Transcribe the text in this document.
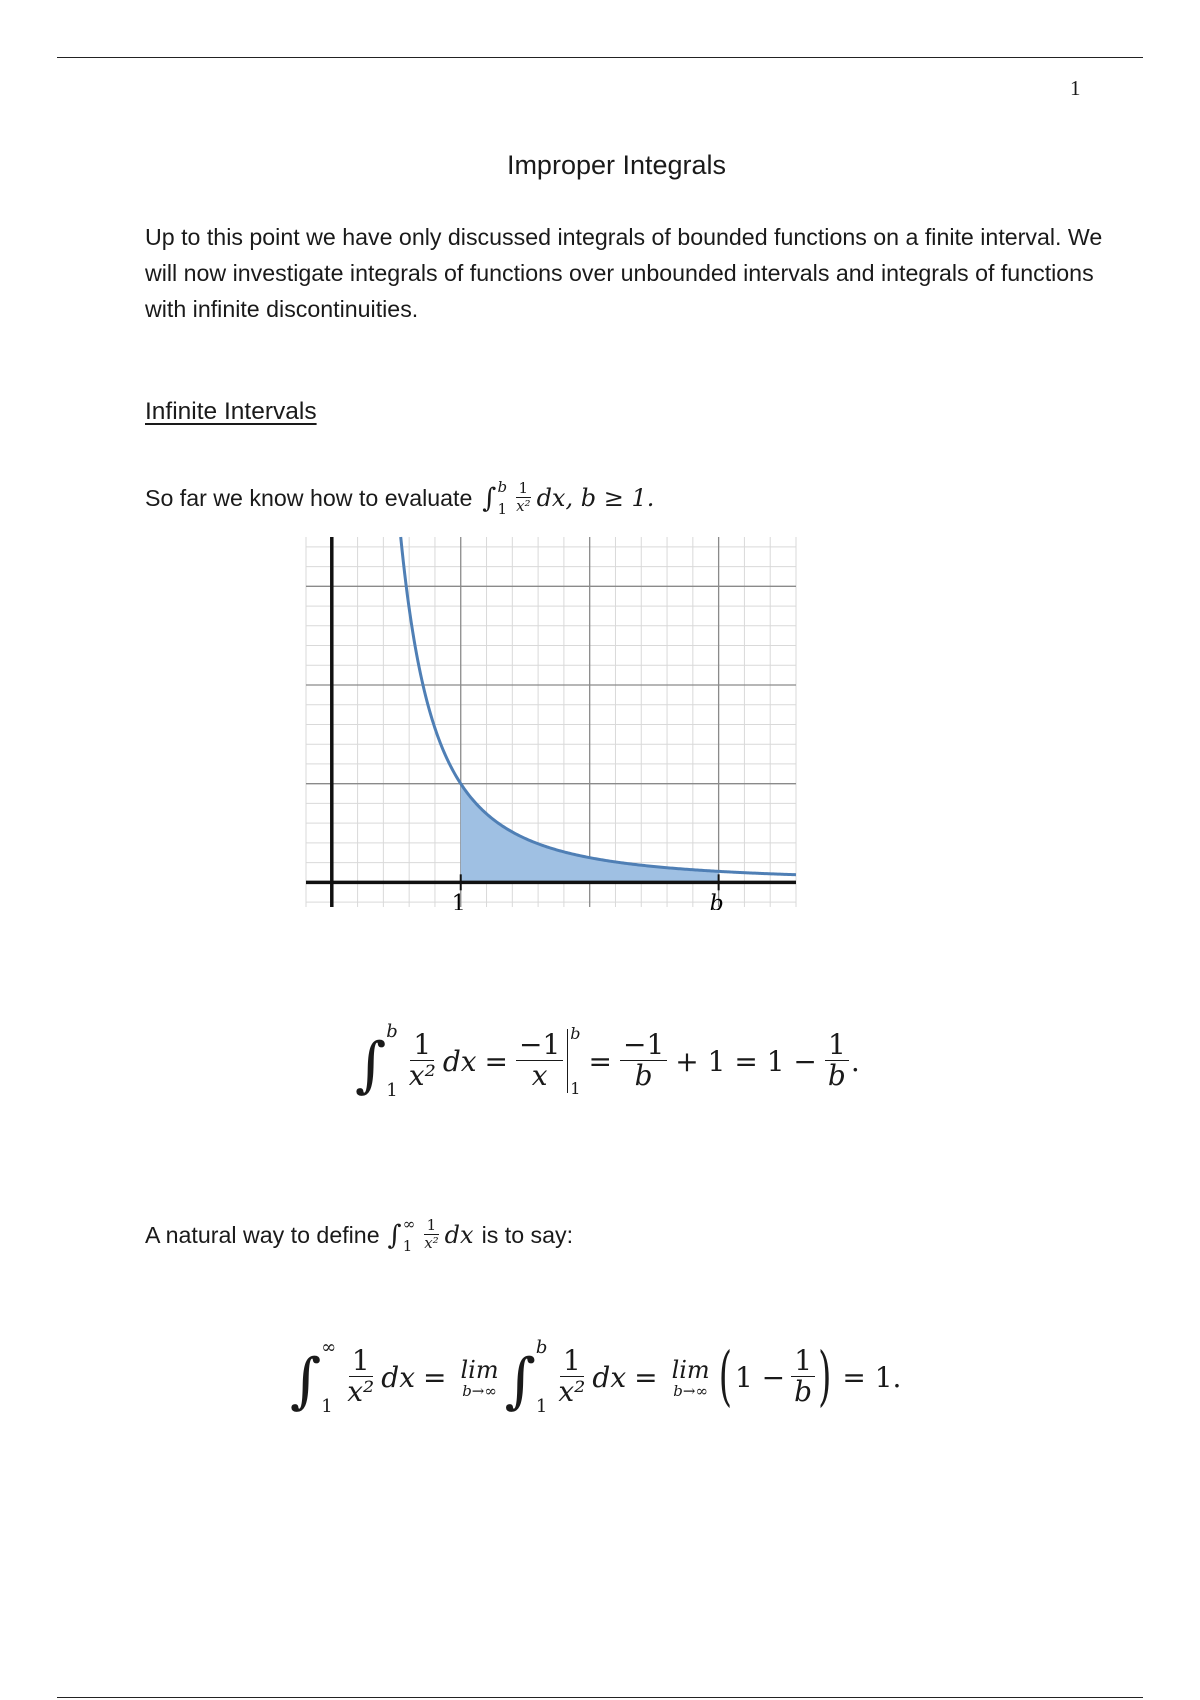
1
Improper Integrals

Up to this point we have only discussed integrals of bounded functions on a finite interval. We will now investigate integrals of functions over unbounded intervals and integrals of functions with infinite discontinuities.

Infinite Intervals
So far we know how to evaluate ∫ b
$1 \frac{1}{\text{x²}}$ dx , b ≥ 1.
1	b
∫ b
$1 \frac{1}{\text{x²}}$ dx = $\frac{-1}{x}$ b
1
= $\frac{-1}{b} + 1 = 1 - \frac{1}{b}$ .
A natural way to define ∫ ∞
$1 \frac{1}{\text{x²}}$ dx is to say:
∫ ∞
$1 \frac{1}{\text{x²}}$ dx = lim
b→∞ ∫ b
$1 \frac{1}{\text{x²}}$ dx = lim
b→∞ ( $1 - \frac{1}{b}$ ) = 1.
